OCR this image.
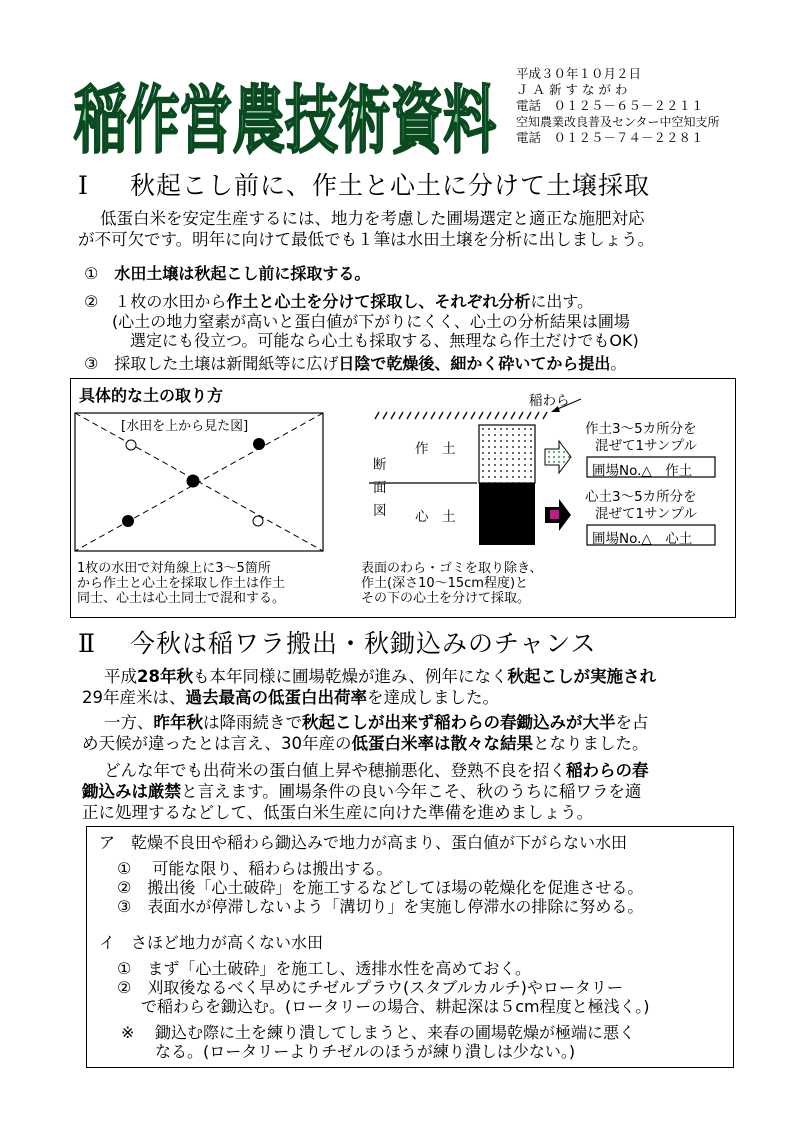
稲作営農技術資料
平成３０年１０月２日
ＪＡ新すながわ
電話　０１２５－６５－２２１１
空知農業改良普及センター中空知支所
電話　０１２５－７４－２２８１
Ⅰ 秋起こし前に、作土と心土に分けて土壌採取
低蛋白米を安定生産するには、地力を考慮した圃場選定と適正な施肥対応
が不可欠です。明年に向けて最低でも１筆は水田土壌を分析に出しましょう。
①　 水田土壌は秋起こし前に採取する。
②　 １枚の水田から作土と心土を分けて採取し、それぞれ分析に出す。
(心土の地力窒素が高いと蛋白値が下がりにくく、心土の分析結果は圃場
選定にも役立つ。可能なら心土も採取する、無理なら作土だけでもOK)
③　 採取した土壌は新聞紙等に広げ日陰で乾燥後、細かく砕いてから提出。
具体的な土の取り方
[水田を上から見た図]
1枚の水田で対角線上に3～5箇所
から作土と心土を採取し作土は作土
同士、心土は心土同士で混和する。
稲わら
断
面
図
作　土
心　土
作土3～5カ所分を
混ぜて1サンプル
圃場No.△　作土
心土3～5カ所分を
混ぜて1サンプル
圃場No.△　心土
表面のわら・ゴミを取り除き、
作土(深さ10～15cm程度)と
その下の心土を分けて採取。
Ⅱ 今秋は稲ワラ搬出・秋鋤込みのチャンス
平成28年秋も本年同様に圃場乾燥が進み、例年になく秋起こしが実施され
29年産米は、過去最高の低蛋白出荷率を達成しました。
一方、昨年秋は降雨続きで秋起こしが出来ず稲わらの春鋤込みが大半を占
め天候が違ったとは言え、30年産の低蛋白米率は散々な結果となりました。
どんな年でも出荷米の蛋白値上昇や穂揃悪化、登熟不良を招く稲わらの春
鋤込みは厳禁と言えます。圃場条件の良い今年こそ、秋のうちに稲ワラを適
正に処理するなどして、低蛋白米生産に向けた準備を進めましょう。
ア　乾燥不良田や稲わら鋤込みで地力が高まり、蛋白値が下がらない水田
①　 可能な限り、稲わらは搬出する。
②　搬出後「心土破砕」を施工するなどしてほ場の乾燥化を促進させる。
③　表面水が停滞しないよう「溝切り」を実施し停滞水の排除に努める。
イ　さほど地力が高くない水田
①　まず「心土破砕」を施工し、透排水性を高めておく。
②　刈取後なるべく早めにチゼルプラウ(スタブルカルチ)やロータリー
で稲わらを鋤込む。(ロータリーの場合、耕起深は５cm程度と極浅く。)
※ 鋤込む際に土を練り潰してしまうと、来春の圃場乾燥が極端に悪く
なる。(ロータリーよりチゼルのほうが練り潰しは少ない。)
